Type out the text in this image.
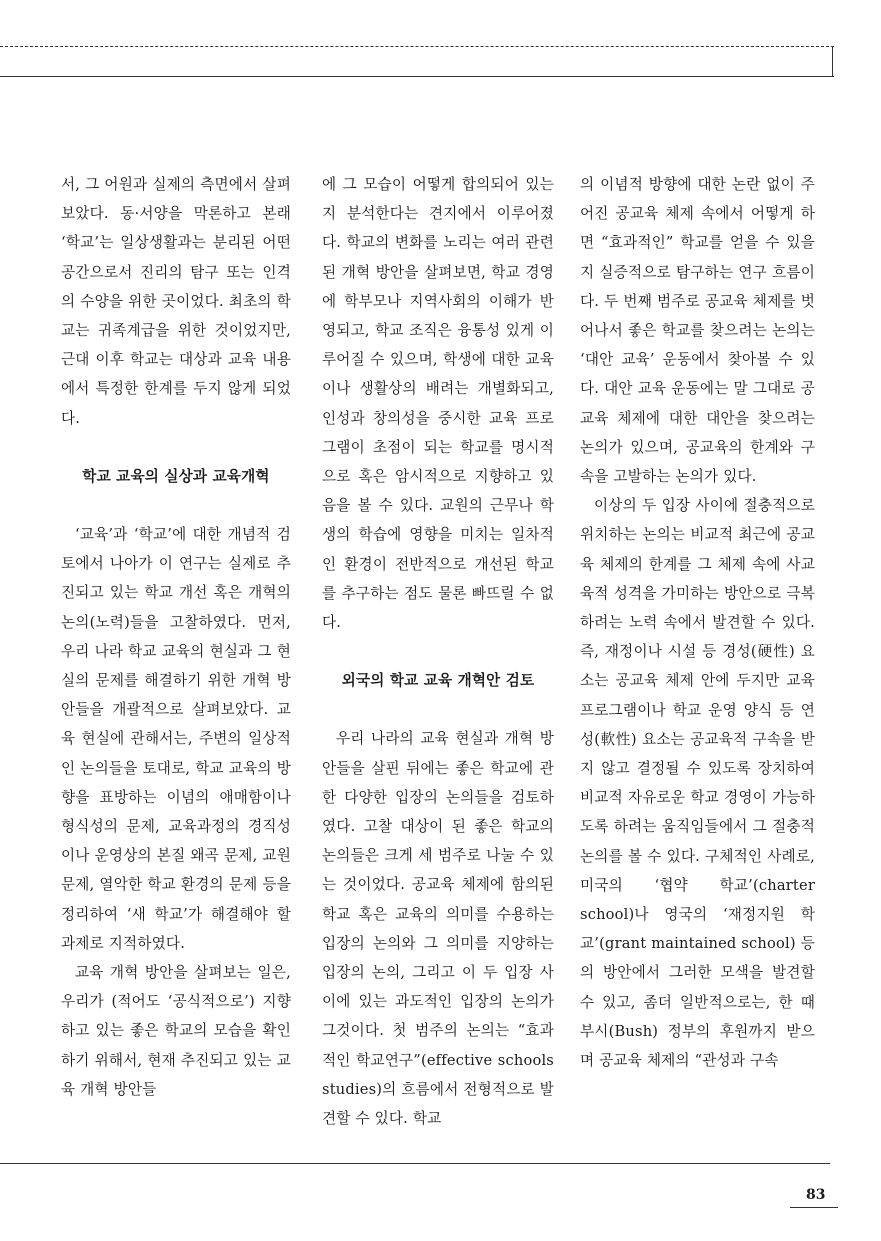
서, 그 어원과 실제의 측면에서 살펴 보았다. 동·서양을 막론하고 본래 ‘학교’는 일상생활과는 분리된 어떤 공간으로서 진리의 탐구 또는 인격의 수양을 위한 곳이었다. 최초의 학교는 귀족계급을 위한 것이었지만, 근대 이후 학교는 대상과 교육 내용에서 특정한 한계를 두지 않게 되었다.

학교 교육의 실상과 교육개혁

‘교육’과 ‘학교’에 대한 개념적 검토에서 나아가 이 연구는 실제로 추진되고 있는 학교 개선 혹은 개혁의 논의(노력)들을 고찰하였다. 먼저, 우리 나라 학교 교육의 현실과 그 현실의 문제를 해결하기 위한 개혁 방안들을 개괄적으로 살펴보았다. 교육 현실에 관해서는, 주변의 일상적인 논의들을 토대로, 학교 교육의 방향을 표방하는 이념의 애매함이나 형식성의 문제, 교육과정의 경직성이나 운영상의 본질 왜곡 문제, 교원 문제, 열악한 학교 환경의 문제 등을 정리하여 ‘새 학교’가 해결해야 할 과제로 지적하였다.

교육 개혁 방안을 살펴보는 일은, 우리가 (적어도 ‘공식적으로’) 지향하고 있는 좋은 학교의 모습을 확인하기 위해서, 현재 추진되고 있는 교육 개혁 방안들

에 그 모습이 어떻게 합의되어 있는지 분석한다는 견지에서 이루어졌다. 학교의 변화를 노리는 여러 관련된 개혁 방안을 살펴보면, 학교 경영에 학부모나 지역사회의 이해가 반영되고, 학교 조직은 융통성 있게 이루어질 수 있으며, 학생에 대한 교육이나 생활상의 배려는 개별화되고, 인성과 창의성을 중시한 교육 프로그램이 초점이 되는 학교를 명시적으로 혹은 암시적으로 지향하고 있음을 볼 수 있다. 교원의 근무나 학생의 학습에 영향을 미치는 일차적인 환경이 전반적으로 개선된 학교를 추구하는 점도 물론 빠뜨릴 수 없다.

외국의 학교 교육 개혁안 검토

우리 나라의 교육 현실과 개혁 방안들을 살핀 뒤에는 좋은 학교에 관한 다양한 입장의 논의들을 검토하였다. 고찰 대상이 된 좋은 학교의 논의들은 크게 세 범주로 나눌 수 있는 것이었다. 공교육 체제에 함의된 학교 혹은 교육의 의미를 수용하는 입장의 논의와 그 의미를 지양하는 입장의 논의, 그리고 이 두 입장 사이에 있는 과도적인 입장의 논의가 그것이다. 첫 범주의 논의는 “효과적인 학교연구”(effective schools studies)의 흐름에서 전형적으로 발견할 수 있다. 학교

의 이념적 방향에 대한 논란 없이 주어진 공교육 체제 속에서 어떻게 하면 “효과적인” 학교를 얻을 수 있을지 실증적으로 탐구하는 연구 흐름이다. 두 번째 범주로 공교육 체제를 벗어나서 좋은 학교를 찾으려는 논의는 ‘대안 교육’ 운동에서 찾아볼 수 있다. 대안 교육 운동에는 말 그대로 공교육 체제에 대한 대안을 찾으려는 논의가 있으며, 공교육의 한계와 구속을 고발하는 논의가 있다.

이상의 두 입장 사이에 절충적으로 위치하는 논의는 비교적 최근에 공교육 체제의 한계를 그 체제 속에 사교육적 성격을 가미하는 방안으로 극복하려는 노력 속에서 발견할 수 있다. 즉, 재정이나 시설 등 경성(硬性) 요소는 공교육 체제 안에 두지만 교육 프로그램이나 학교 운영 양식 등 연성(軟性) 요소는 공교육적 구속을 받지 않고 결정될 수 있도록 장치하여 비교적 자유로운 학교 경영이 가능하도록 하려는 움직임들에서 그 절충적 논의를 볼 수 있다. 구체적인 사례로, 미국의 ‘협약 학교’(charter school)나 영국의 ‘재정지원 학교’(grant maintained school) 등의 방안에서 그러한 모색을 발견할 수 있고, 좀더 일반적으로는, 한 때 부시(Bush) 정부의 후원까지 받으며 공교육 체제의 “관성과 구속

83
